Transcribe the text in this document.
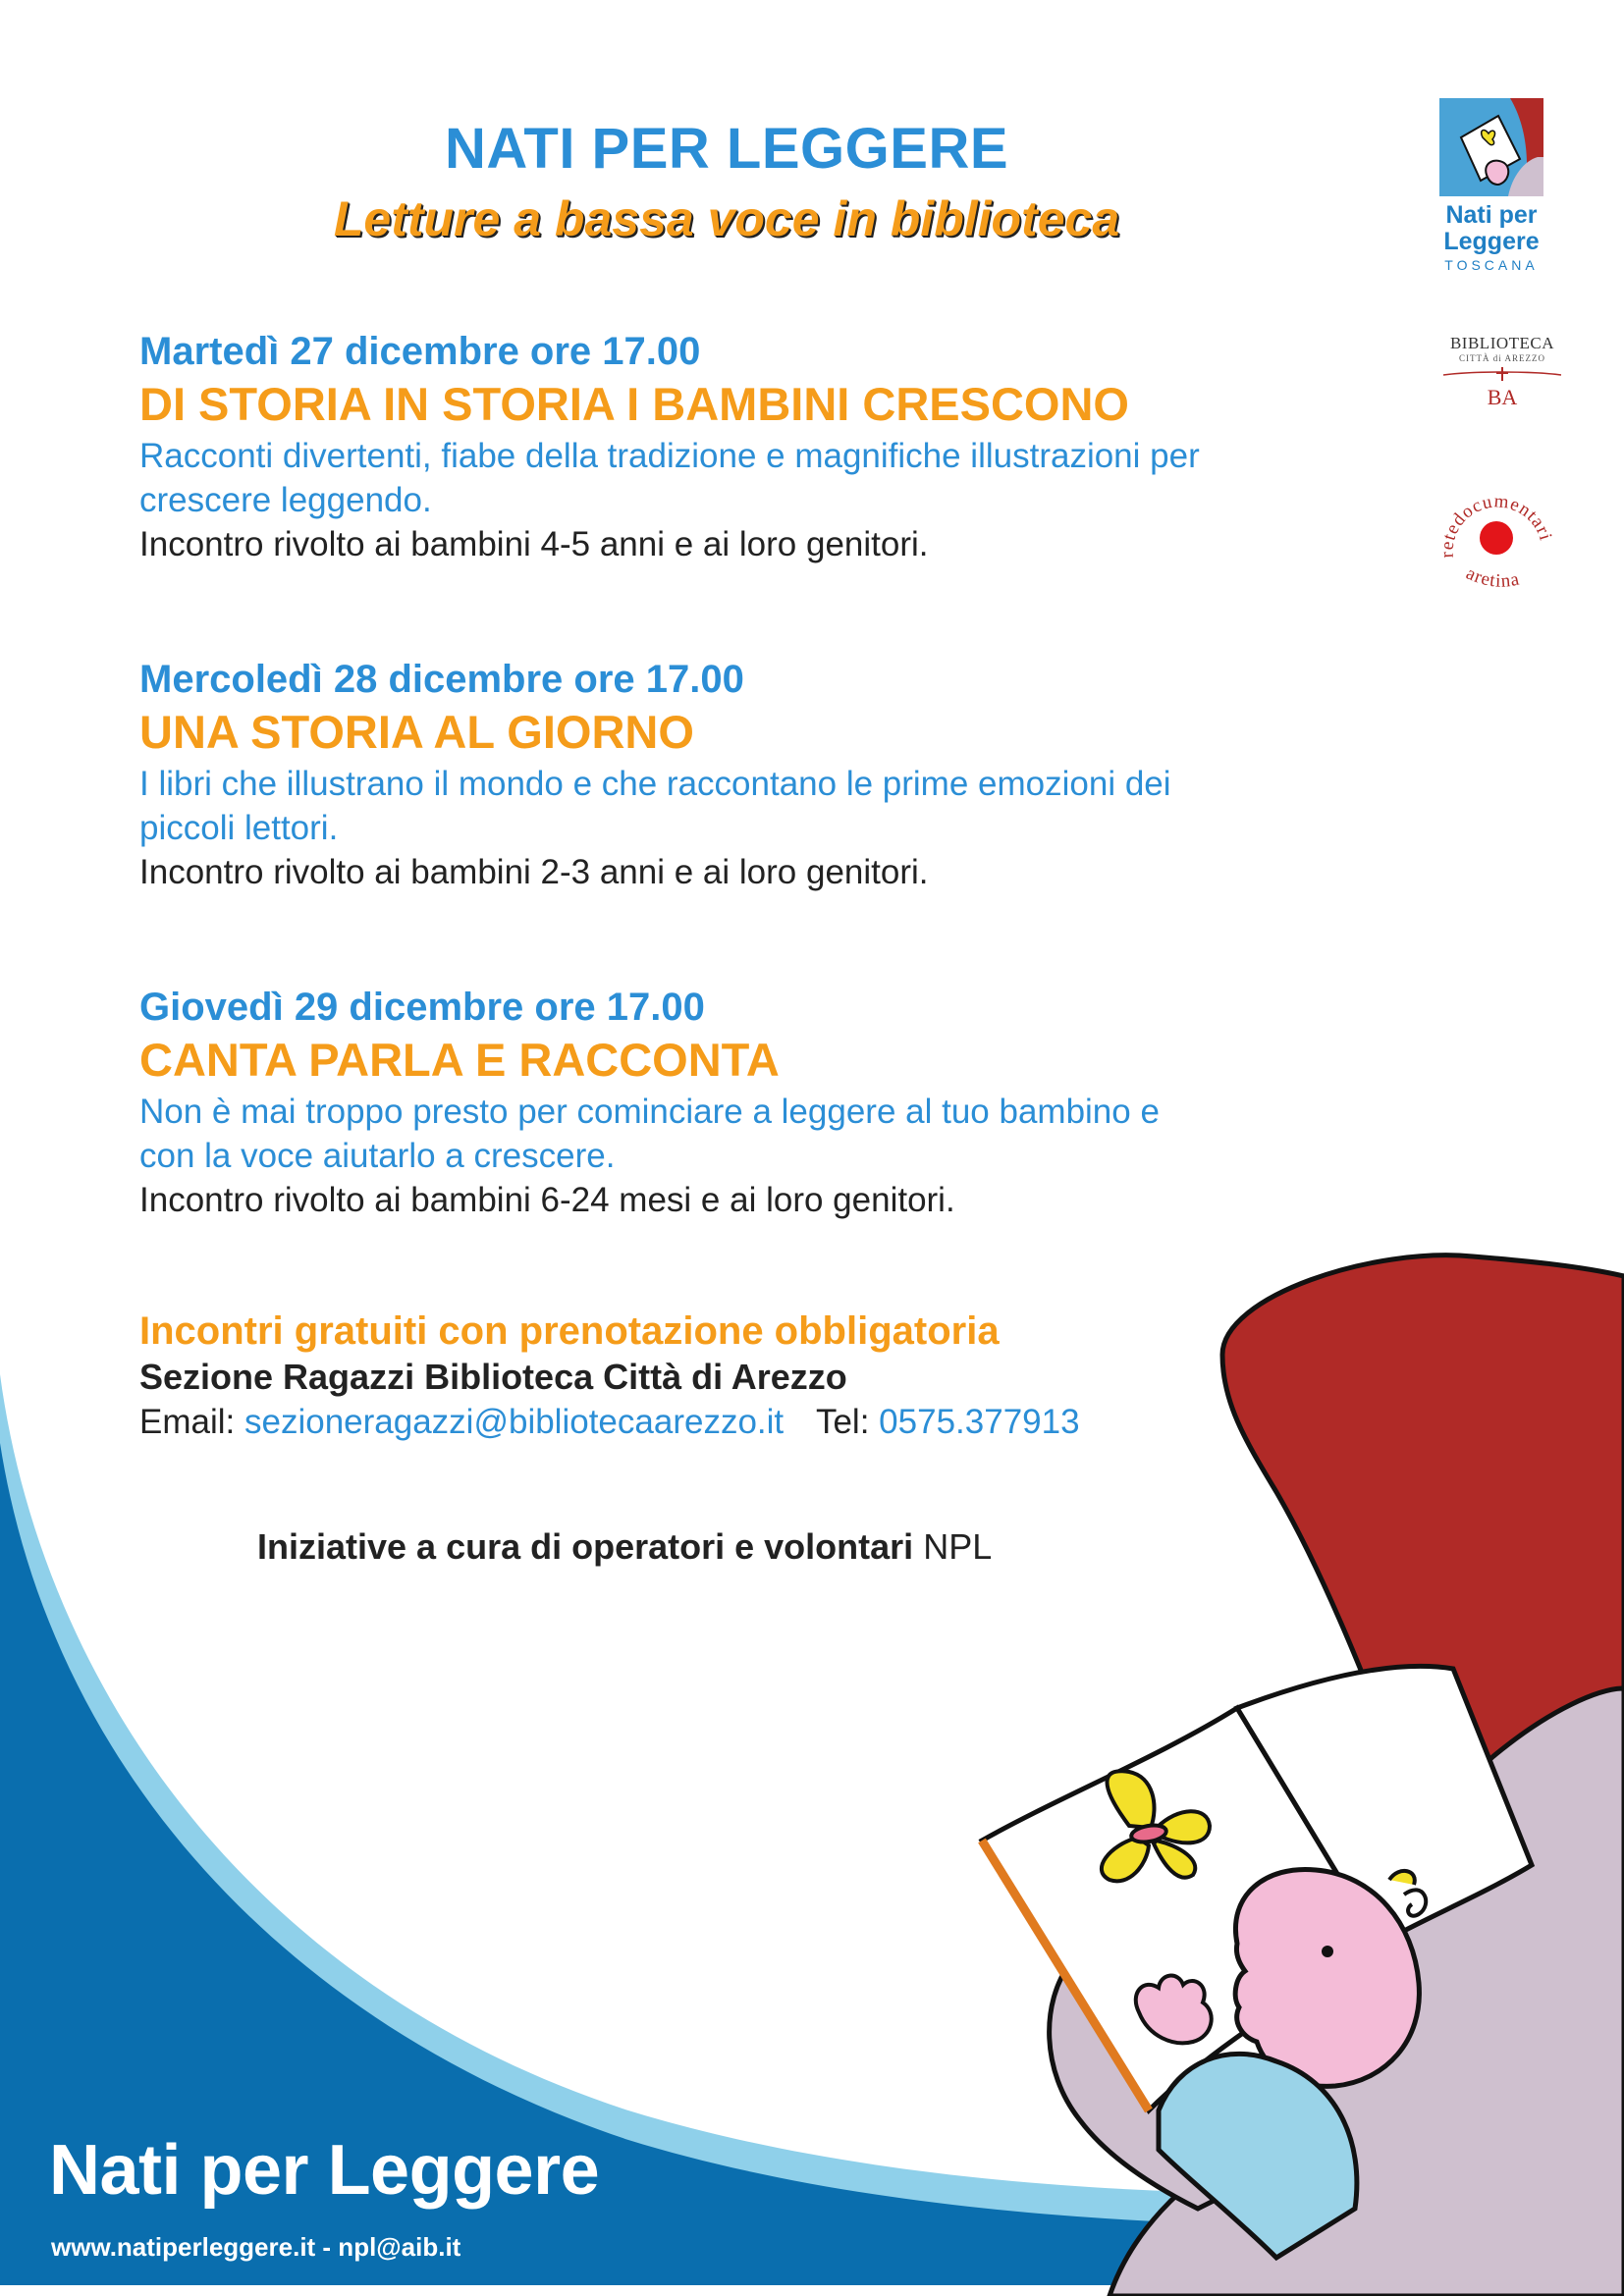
NATI PER LEGGERE
Letture a bassa voce in biblioteca
Martedì 27 dicembre ore 17.00
DI STORIA IN STORIA I BAMBINI CRESCONO
Racconti divertenti, fiabe della tradizione e magnifiche illustrazioni per
crescere leggendo.
Incontro rivolto ai bambini 4-5 anni e ai loro genitori.
Mercoledì 28 dicembre ore 17.00
UNA STORIA AL GIORNO
I libri che illustrano il mondo e che raccontano le prime emozioni dei
piccoli lettori.
Incontro rivolto ai bambini 2-3 anni e ai loro genitori.
Giovedì 29 dicembre ore 17.00
CANTA PARLA E RACCONTA
Non è mai troppo presto per cominciare a leggere al tuo bambino e
con la voce aiutarlo a crescere.
Incontro rivolto ai bambini 6-24 mesi e ai loro genitori.
Incontri gratuiti con prenotazione obbligatoria
Sezione Ragazzi Biblioteca Città di Arezzo
Email: sezioneragazzi@bibliotecaarezzo.it Tel: 0575.377913
Iniziative a cura di operatori e volontari NPL
Nati per
Leggere
TOSCANA
BIBLIOTECA
CITTÀ di AREZZO
BA
retedocumentari
aretina
Nati per Leggere
www.natiperleggere.it - npl@aib.it
